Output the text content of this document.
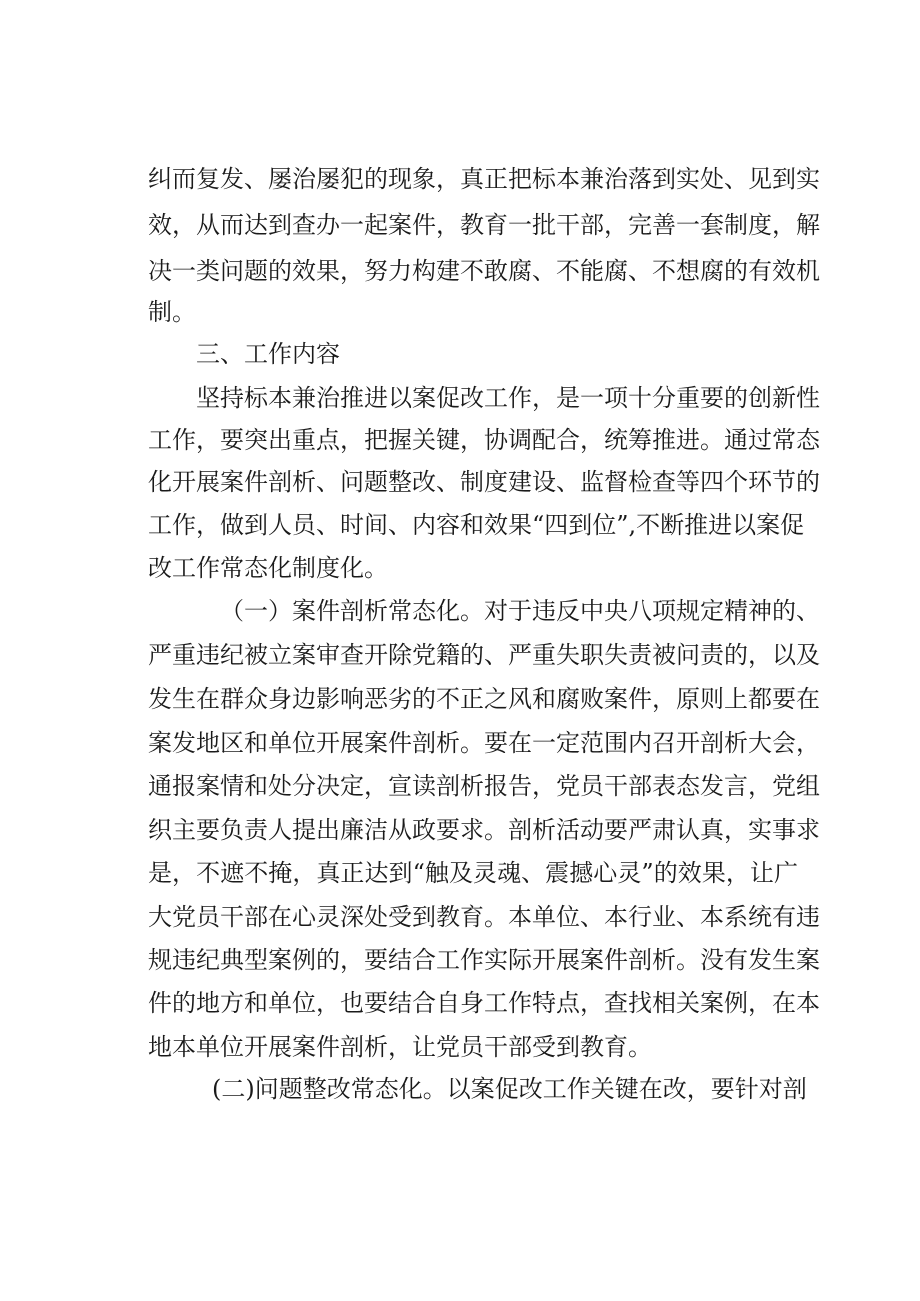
纠而复发、屡治屡犯的现象，真正把标本兼治落到实处、见到实
效，从而达到查办一起案件，教育一批干部，完善一套制度，解
决一类问题的效果，努力构建不敢腐、不能腐、不想腐的有效机
制。
三、工作内容
坚持标本兼治推进以案促改工作，是一项十分重要的创新性
工作，要突出重点，把握关键，协调配合，统筹推进。通过常态
化开展案件剖析、问题整改、制度建设、监督检查等四个环节的
工作，做到人员、时间、内容和效果“四到位”,不断推进以案促
改工作常态化制度化。
（一）案件剖析常态化。对于违反中央八项规定精神的、
严重违纪被立案审查开除党籍的、严重失职失责被问责的，以及
发生在群众身边影响恶劣的不正之风和腐败案件，原则上都要在
案发地区和单位开展案件剖析。要在一定范围内召开剖析大会，
通报案情和处分决定，宣读剖析报告，党员干部表态发言，党组
织主要负责人提出廉洁从政要求。剖析活动要严肃认真，实事求
是，不遮不掩，真正达到“触及灵魂、震撼心灵”的效果，让广
大党员干部在心灵深处受到教育。本单位、本行业、本系统有违
规违纪典型案例的，要结合工作实际开展案件剖析。没有发生案
件的地方和单位，也要结合自身工作特点，查找相关案例，在本
地本单位开展案件剖析，让党员干部受到教育。
(二)问题整改常态化。以案促改工作关键在改，要针对剖
